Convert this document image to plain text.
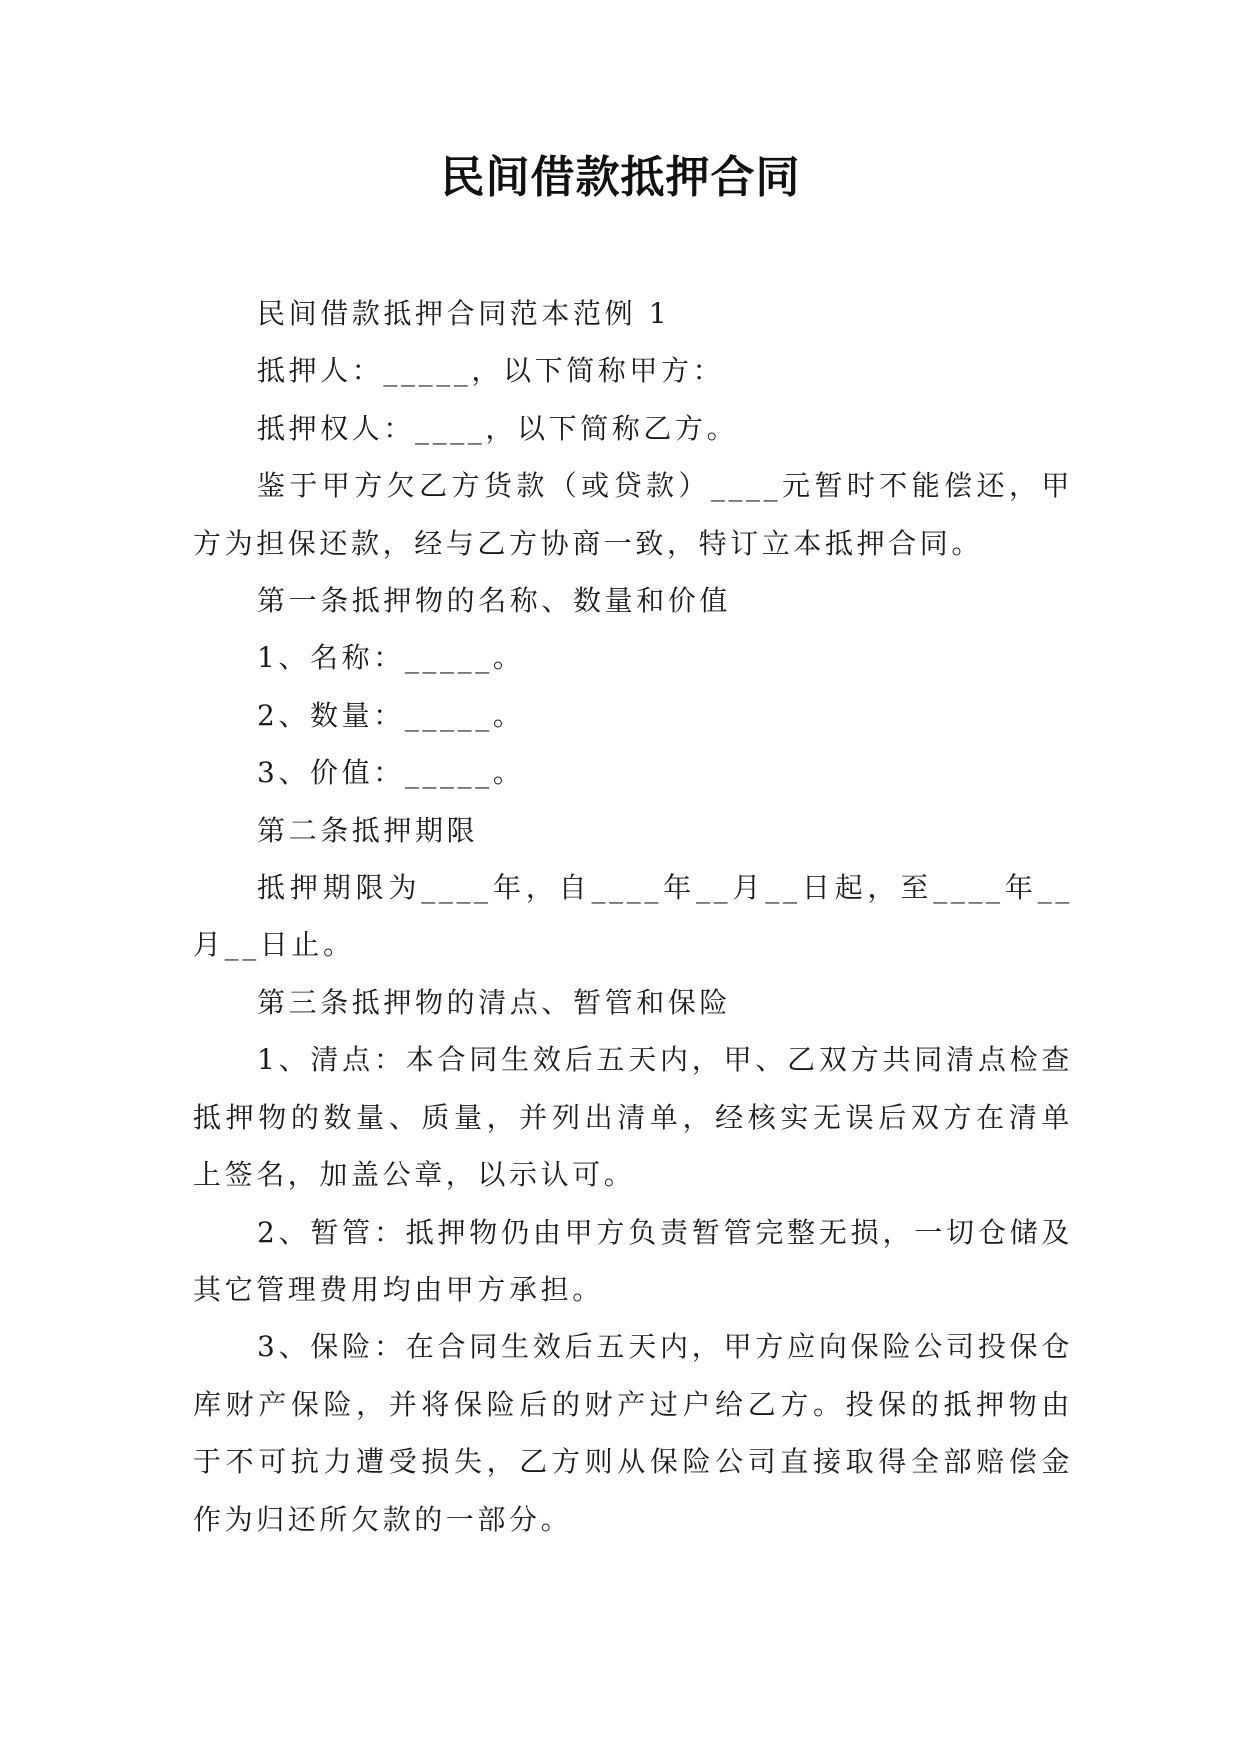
民间借款抵押合同

民间借款抵押合同范本范例 1

抵押人：_____，以下简称甲方：

抵押权人：____，以下简称乙方。

鉴于甲方欠乙方货款（或贷款）____元暂时不能偿还，甲方为担保还款，经与乙方协商一致，特订立本抵押合同。

第一条抵押物的名称、数量和价值

1、名称：_____。

2、数量：_____。

3、价值：_____。

第二条抵押期限

抵押期限为____年，自____年__月__日起，至____年__月__日止。

第三条抵押物的清点、暂管和保险

1、清点：本合同生效后五天内，甲、乙双方共同清点检查抵押物的数量、质量，并列出清单，经核实无误后双方在清单上签名，加盖公章，以示认可。

2、暂管：抵押物仍由甲方负责暂管完整无损，一切仓储及其它管理费用均由甲方承担。

3、保险：在合同生效后五天内，甲方应向保险公司投保仓库财产保险，并将保险后的财产过户给乙方。投保的抵押物由于不可抗力遭受损失，乙方则从保险公司直接取得全部赔偿金作为归还所欠款的一部分。
